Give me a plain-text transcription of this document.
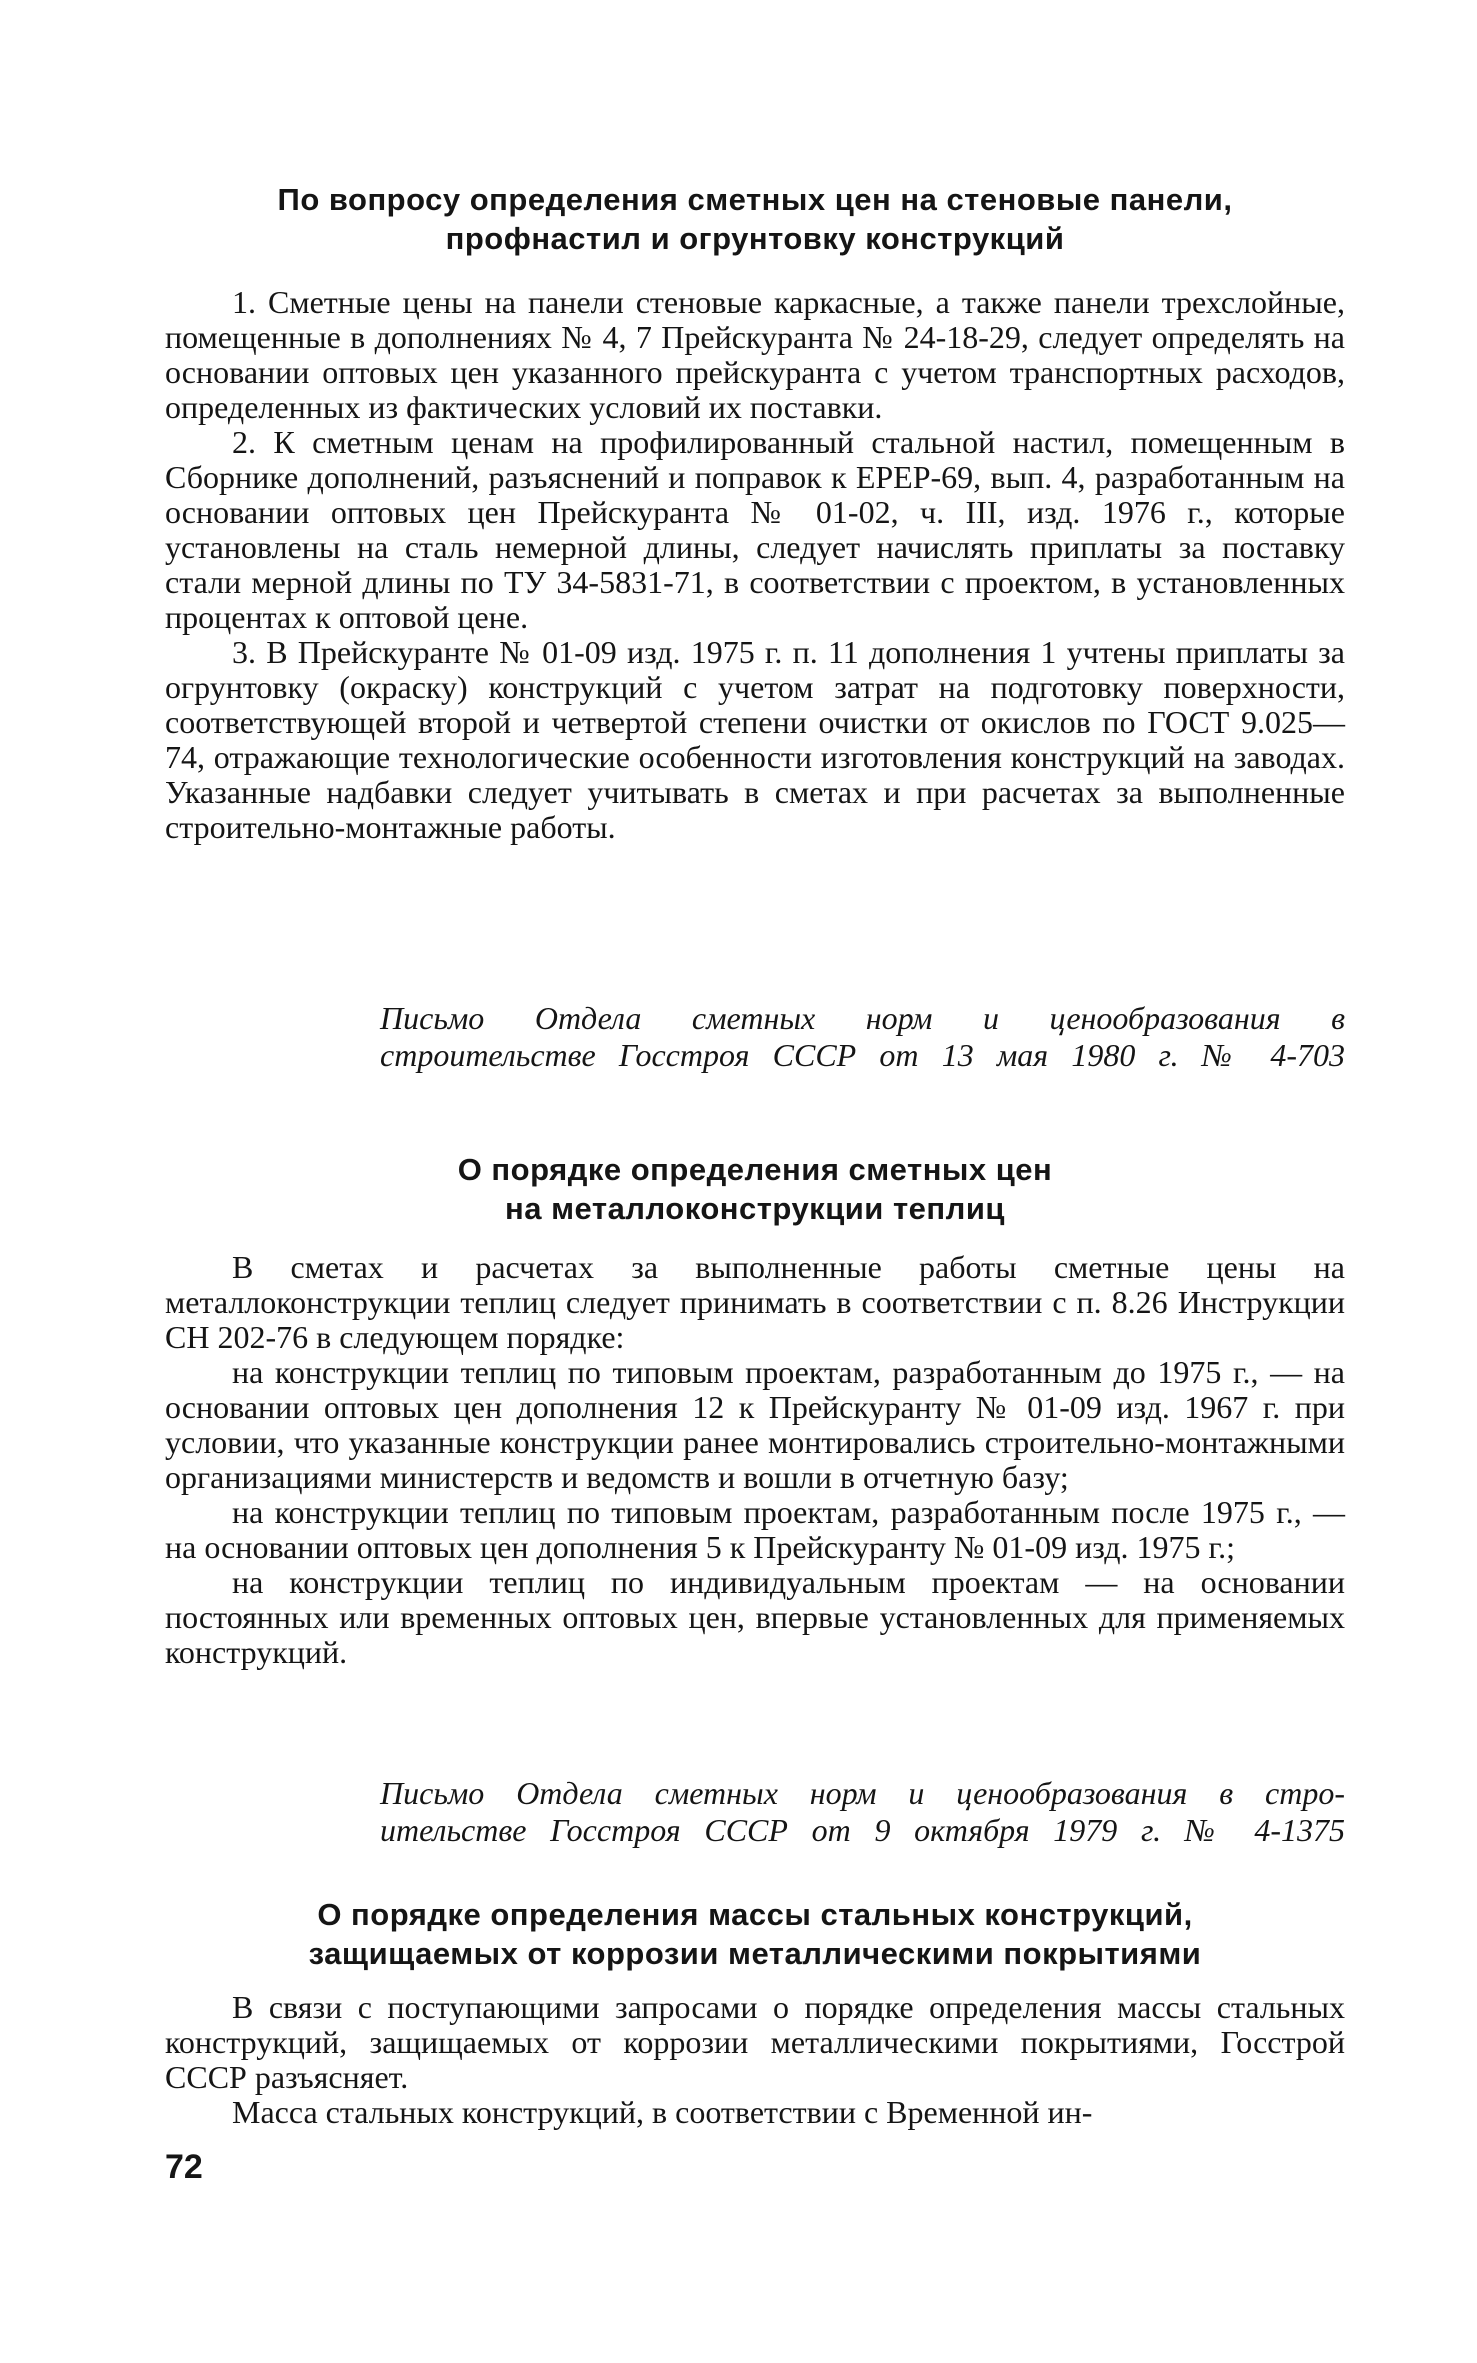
По вопросу определения сметных цен на стеновые панели,
профнастил и огрунтовку конструкций

1. Сметные цены на панели стеновые каркасные, а также панели трехслойные, помещенные в дополнениях № 4, 7 Прейскуранта № 24-18-29, следует определять на основании оптовых цен указанного прейскуранта с учетом транспортных расходов, определенных из фактических условий их поставки.

2. К сметным ценам на профилированный стальной настил, помещенным в Сборнике дополнений, разъяснений и поправок к ЕРЕР-69, вып. 4, разработанным на основании оптовых цен Прейскуранта № 01-02, ч. III, изд. 1976 г., которые установлены на сталь немерной длины, следует начислять приплаты за поставку стали мерной длины по ТУ 34-5831-71, в соответствии с проектом, в установленных процентах к оптовой цене.

3. В Прейскуранте № 01-09 изд. 1975 г. п. 11 дополнения 1 учтены приплаты за огрунтовку (окраску) конструкций с учетом затрат на подготовку поверхности, соответствующей второй и четвертой степени очистки от окислов по ГОСТ 9.025—74, отражающие технологические особенности изготовления конструкций на заводах. Указанные надбавки следует учитывать в сметах и при расчетах за выполненные строительно-монтажные работы.

Письмо Отдела сметных норм и ценообразования в
строительстве Госстроя СССР от 13 мая 1980 г. № 4-703

О порядке определения сметных цен
на металлоконструкции теплиц

В сметах и расчетах за выполненные работы сметные цены на металлоконструкции теплиц следует принимать в соответствии с п. 8.26 Инструкции СН 202-76 в следующем порядке:

на конструкции теплиц по типовым проектам, разработанным до 1975 г., — на основании оптовых цен дополнения 12 к Прейскуранту № 01-09 изд. 1967 г. при условии, что указанные конструкции ранее монтировались строительно-монтажными организациями министерств и ведомств и вошли в отчетную базу;

на конструкции теплиц по типовым проектам, разработанным после 1975 г., — на основании оптовых цен дополнения 5 к Прейскуранту № 01-09 изд. 1975 г.;

на конструкции теплиц по индивидуальным проектам — на основании постоянных или временных оптовых цен, впервые установленных для применяемых конструкций.

Письмо Отдела сметных норм и ценообразования в стро-
ительстве Госстроя СССР от 9 октября 1979 г. № 4-1375

О порядке определения массы стальных конструкций,
защищаемых от коррозии металлическими покрытиями

В связи с поступающими запросами о порядке определения массы стальных конструкций, защищаемых от коррозии металлическими покрытиями, Госстрой СССР разъясняет.

Масса стальных конструкций, в соответствии с Временной ин-

72
